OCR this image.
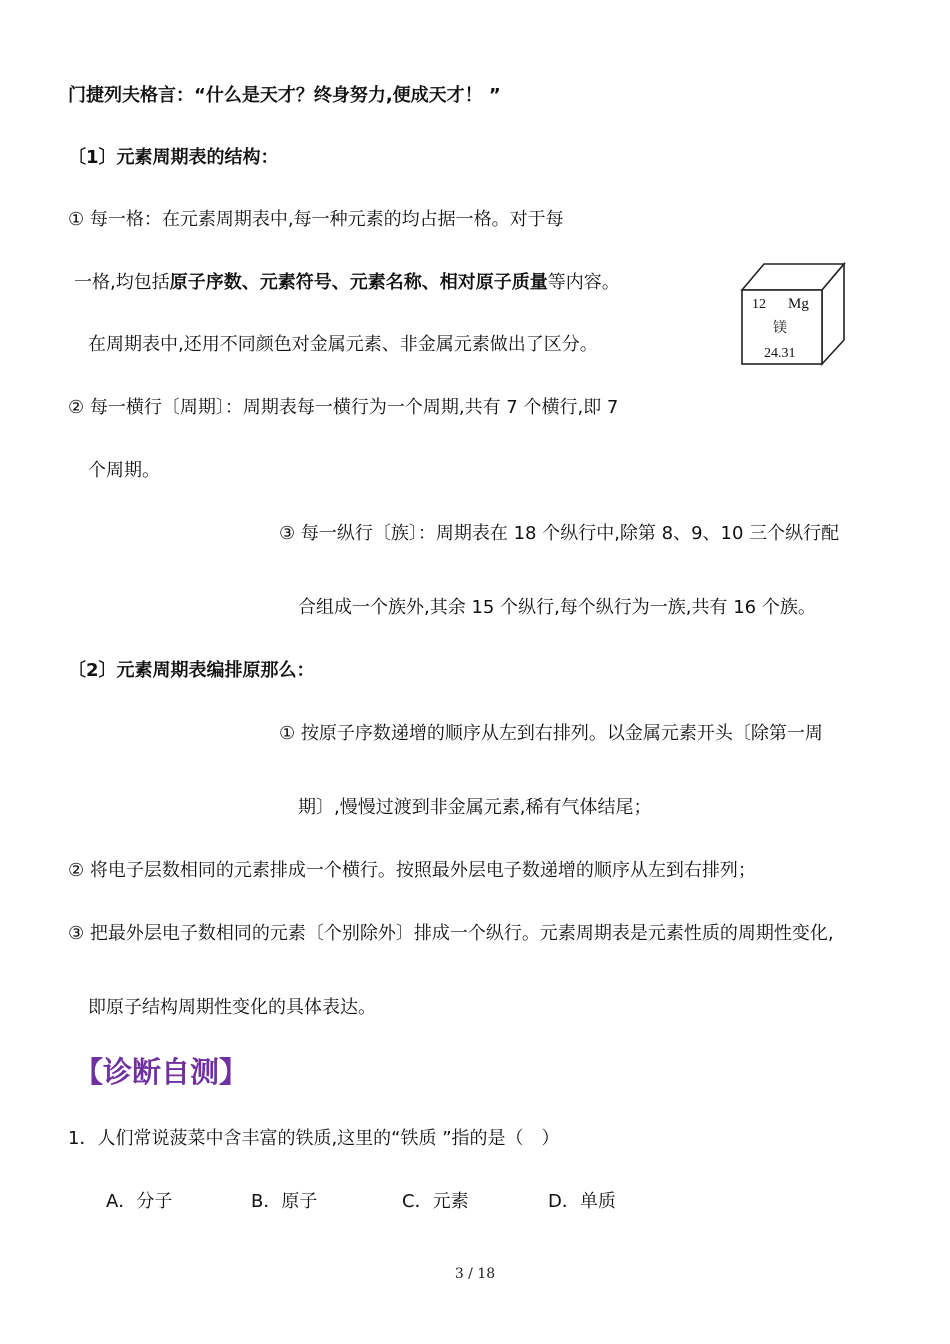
门捷列夫格言：“什么是天才？终身努力,便成天才！ ”
〔1〕元素周期表的结构：
① 每一格：在元素周期表中,每一种元素的均占据一格。对于每
一格,均包括原子序数、元素符号、元素名称、相对原子质量等内容。
在周期表中,还用不同颜色对金属元素、非金属元素做出了区分。
12 Mg
镁
24.31
② 每一横行〔周期〕：周期表每一横行为一个周期,共有 7 个横行,即 7
个周期。
③ 每一纵行〔族〕：周期表在 18 个纵行中,除第 8、9、10 三个纵行配
合组成一个族外,其余 15 个纵行,每个纵行为一族,共有 16 个族。
〔2〕元素周期表编排原那么：
① 按原子序数递增的顺序从左到右排列。以金属元素开头〔除第一周
期〕,慢慢过渡到非金属元素,稀有气体结尾；
② 将电子层数相同的元素排成一个横行。按照最外层电子数递增的顺序从左到右排列；
③ 把最外层电子数相同的元素〔个别除外〕排成一个纵行。元素周期表是元素性质的周期性变化,
即原子结构周期性变化的具体表达。
【诊断自测】
1．人们常说菠菜中含丰富的铁质,这里的“铁质 ”指的是（　）
A．分子	B．原子	C．元素	D．单质
3 / 18
